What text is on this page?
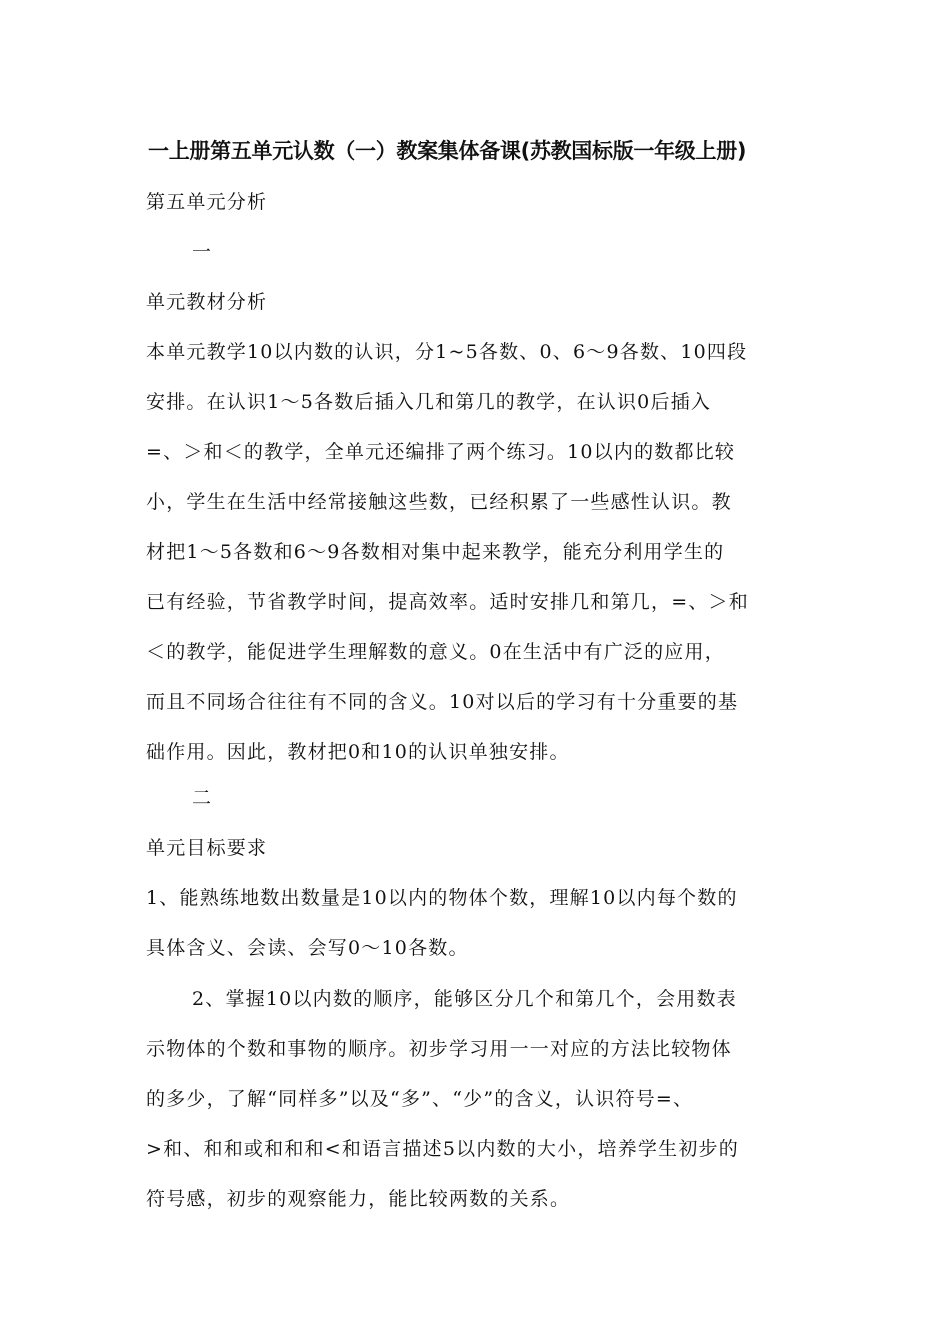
一上册第五单元认数（一）教案集体备课(苏教国标版一年级上册)
第五单元分析
一
单元教材分析
本单元教学10以内数的认识，分1~5各数、0、6～9各数、10四段
安排。在认识1～5各数后插入几和第几的教学，在认识0后插入
=、＞和＜的教学，全单元还编排了两个练习。10以内的数都比较
小，学生在生活中经常接触这些数，已经积累了一些感性认识。教
材把1～5各数和6～9各数相对集中起来教学，能充分利用学生的
已有经验，节省教学时间，提高效率。适时安排几和第几，=、＞和
＜的教学，能促进学生理解数的意义。0在生活中有广泛的应用，
而且不同场合往往有不同的含义。10对以后的学习有十分重要的基
础作用。因此，教材把0和10的认识单独安排。
二
单元目标要求
1、能熟练地数出数量是10以内的物体个数，理解10以内每个数的
具体含义、会读、会写0～10各数。
2、掌握10以内数的顺序，能够区分几个和第几个，会用数表
示物体的个数和事物的顺序。初步学习用一一对应的方法比较物体
的多少，了解“同样多”以及“多”、“少”的含义，认识符号=、
>和、和和或和和和<和语言描述5以内数的大小，培养学生初步的
符号感，初步的观察能力，能比较两数的关系。
